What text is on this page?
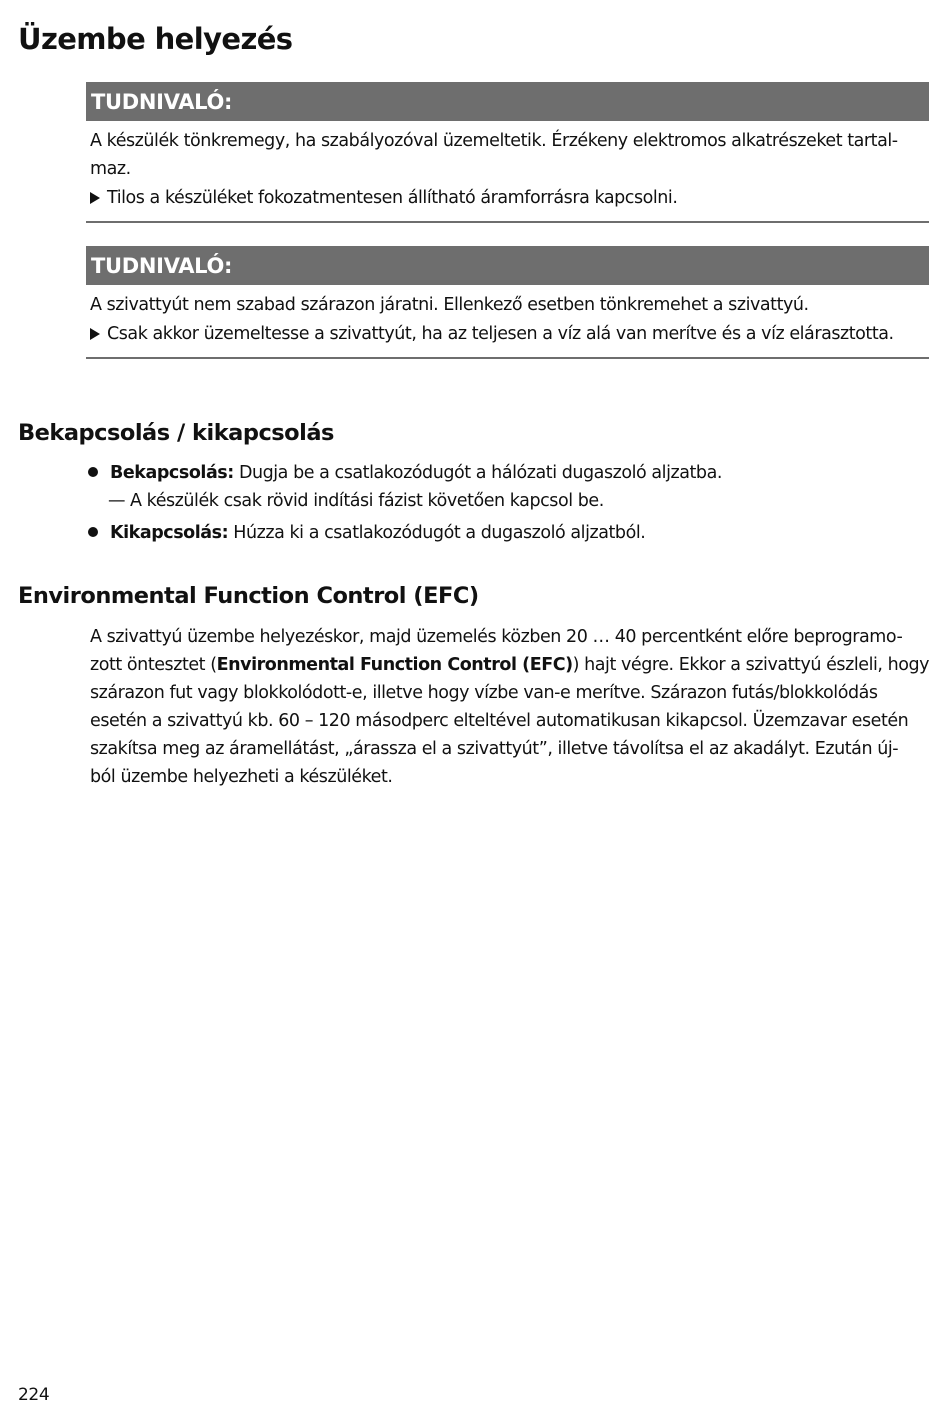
Üzembe helyezés
TUDNIVALÓ:
A készülék tönkremegy, ha szabályozóval üzemeltetik. Érzékeny elektromos alkatrészeket tartal-
maz.
Tilos a készüléket fokozatmentesen állítható áramforrásra kapcsolni.
TUDNIVALÓ:
A szivattyút nem szabad szárazon járatni. Ellenkező esetben tönkremehet a szivattyú.
Csak akkor üzemeltesse a szivattyút, ha az teljesen a víz alá van merítve és a víz elárasztotta.
Bekapcsolás / kikapcsolás
Bekapcsolás: Dugja be a csatlakozódugót a hálózati dugaszoló aljzatba.
— A készülék csak rövid indítási fázist követően kapcsol be.
Kikapcsolás: Húzza ki a csatlakozódugót a dugaszoló aljzatból.
Environmental Function Control (EFC)
A szivattyú üzembe helyezéskor, majd üzemelés közben 20 … 40 percentként előre beprogramo-
zott öntesztet (Environmental Function Control (EFC)) hajt végre. Ekkor a szivattyú észleli, hogy
szárazon fut vagy blokkolódott-e, illetve hogy vízbe van-e merítve. Szárazon futás/blokkolódás
esetén a szivattyú kb. 60 – 120 másodperc elteltével automatikusan kikapcsol. Üzemzavar esetén
szakítsa meg az áramellátást, „árassza el a szivattyút”, illetve távolítsa el az akadályt. Ezután új-
ból üzembe helyezheti a készüléket.
224
